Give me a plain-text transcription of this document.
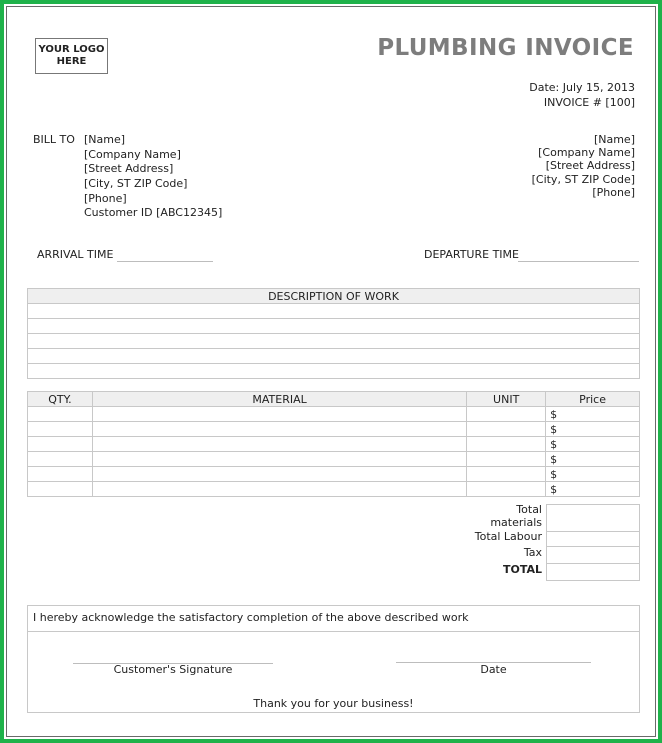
YOUR LOGO
HERE
PLUMBING INVOICE
Date: July 15, 2013
INVOICE # [100]
BILL TO [Name]
[Company Name]
[Street Address]
[City, ST ZIP Code]
[Phone]
Customer ID [ABC12345]
[Name]
[Company Name]
[Street Address]
[City, ST ZIP Code]
[Phone]
ARRIVAL TIME	DEPARTURE TIME
DESCRIPTION OF WORK

QTY.	MATERIAL	UNIT	Price
			$
			$
			$
			$
			$
			$
Total
materials
Total Labour
Tax
TOTAL

I hereby acknowledge the satisfactory completion of the above described work
Customer's Signature	Date
Thank you for your business!
